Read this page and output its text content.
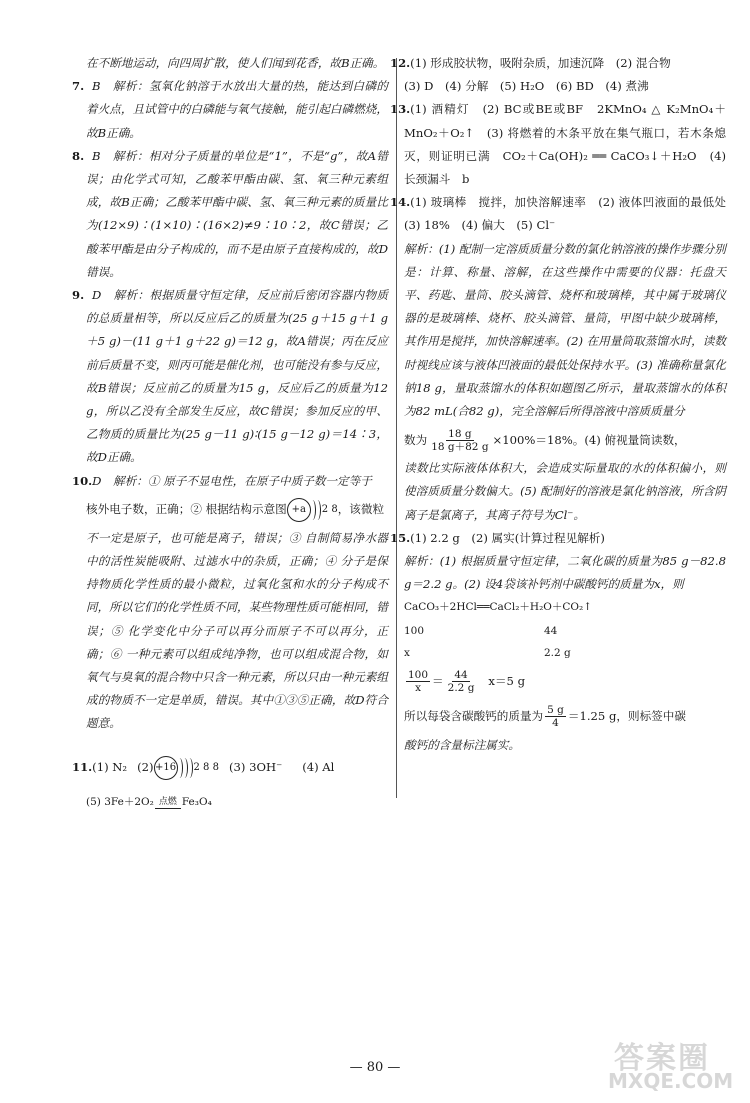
在不断地运动，向四周扩散，使人们闻到花香，故B正确。

7. B　解析：氢氧化钠溶于水放出大量的热，能达到白磷的着火点，且试管中的白磷能与氧气接触，能引起白磷燃烧，故B正确。

8. B　解析：相对分子质量的单位是“1”，不是“g”，故A错误；由化学式可知，乙酸苯甲酯由碳、氢、氧三种元素组成，故B正确；乙酸苯甲酯中碳、氢、氧三种元素的质量比为(12×9)∶(1×10)∶(16×2)≠9∶10∶2，故C错误；乙酸苯甲酯是由分子构成的，而不是由原子直接构成的，故D错误。

9. D　解析：根据质量守恒定律，反应前后密闭容器内物质的总质量相等，所以反应后乙的质量为(25 g＋15 g＋1 g＋5 g)－(11 g＋1 g＋22 g)＝12 g，故A错误；丙在反应前后质量不变，则丙可能是催化剂，也可能没有参与反应，故B错误；反应前乙的质量为15 g，反应后乙的质量为12 g，所以乙没有全部发生反应，故C错误；参加反应的甲、乙物质的质量比为(25 g－11 g)∶(15 g－12 g)＝14∶3，故D正确。

10.D　解析：① 原子不显电性，在原子中质子数一定等于

核外电子数，正确；② 根据结构示意图 +a	2 8 ，该微粒

不一定是原子，也可能是离子，错误；③ 自制简易净水器中的活性炭能吸附、过滤水中的杂质，正确；④ 分子是保持物质化学性质的最小微粒，过氧化氢和水的分子构成不同，所以它们的化学性质不同，某些物理性质可能相同，错误；⑤ 化学变化中分子可以再分而原子不可以再分，正确；⑥ 一种元素可以组成纯净物，也可以组成混合物，如氧气与臭氧的混合物中只含一种元素，所以只由一种元素组成的物质不一定是单质，错误。其中①③⑤正确，故D符合题意。

11. (1) N₂ (2) +16 2 8 8 (3) 3OH⁻ (4) Al
(5) 3Fe＋2O₂ 点燃 Fe₃O₄

12.(1) 形成胶状物，吸附杂质，加速沉降　(2) 混合物

(3) D　(4) 分解　(5) H₂O　(6) BD　(4) 煮沸

13.(1) 酒精灯　(2) BC或BE或BF　2KMnO₄ △ K₂MnO₄＋MnO₂＋O₂↑　(3) 将燃着的木条平放在集气瓶口，若木条熄灭，则证明已满　CO₂＋Ca(OH)₂ ══ CaCO₃↓＋H₂O　(4) 长颈漏斗　b

14.(1) 玻璃棒　搅拌，加快溶解速率　(2) 液体凹液面的最低处　(3) 18%　(4) 偏大　(5) Cl⁻

解析：(1) 配制一定溶质质量分数的氯化钠溶液的操作步骤分别是：计算、称量、溶解，在这些操作中需要的仪器：托盘天平、药匙、量筒、胶头滴管、烧杯和玻璃棒，其中属于玻璃仪器的是玻璃棒、烧杯、胶头滴管、量筒，甲图中缺少玻璃棒，其作用是搅拌，加快溶解速率。(2) 在用量筒取蒸馏水时，读数时视线应该与液体凹液面的最低处保持水平。(3) 准确称量氯化钠18 g，量取蒸馏水的体积如题图乙所示，量取蒸馏水的体积为82 mL(合82 g)，完全溶解后所得溶液中溶质质量分

数为 $\frac{18 g}{18 g+82 g} \times 100\%=18\%$。(4) 俯视量筒读数，

读数比实际液体体积大，会造成实际量取的水的体积偏小，则使溶质质量分数偏大。(5) 配制好的溶液是氯化钠溶液，所含阴离子是氯离子，其离子符号为Cl⁻。

15.(1) 2.2 g　(2) 属实(计算过程见解析)

解析：(1) 根据质量守恒定律，二氧化碳的质量为85 g－82.8 g＝2.2 g。(2) 设4袋该补钙剂中碳酸钙的质量为x，则

CaCO₃＋2HCl══CaCl₂＋H₂O＋CO₂↑
100	44
x	2.2 g
$\frac{100}{x} = \frac{44}{2.2 g} x=5$ g
所以每袋含碳酸钙的质量为 $\frac{5 g}{4} =1.25$ g，则标签中碳

酸钙的含量标注属实。

— 80 —	答案圈
MXQE.COM
